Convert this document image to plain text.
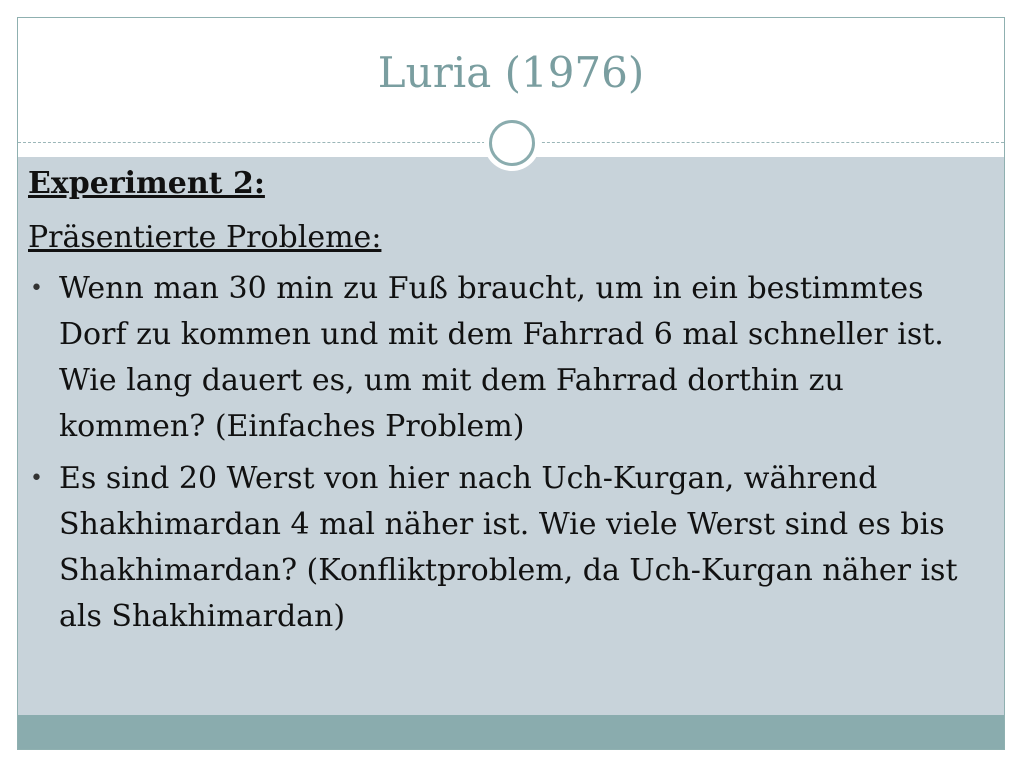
Luria (1976)
Experiment 2:
Präsentierte Probleme:
• Wenn man 30 min zu Fuß braucht, um in ein bestimmtes Dorf zu kommen und mit dem Fahrrad 6 mal schneller ist. Wie lang dauert es, um mit dem Fahrrad dorthin zu kommen? (Einfaches Problem)
• Es sind 20 Werst von hier nach Uch-Kurgan, während Shakhimardan 4 mal näher ist. Wie viele Werst sind es bis Shakhimardan? (Konfliktproblem, da Uch-Kurgan näher ist als Shakhimardan)
